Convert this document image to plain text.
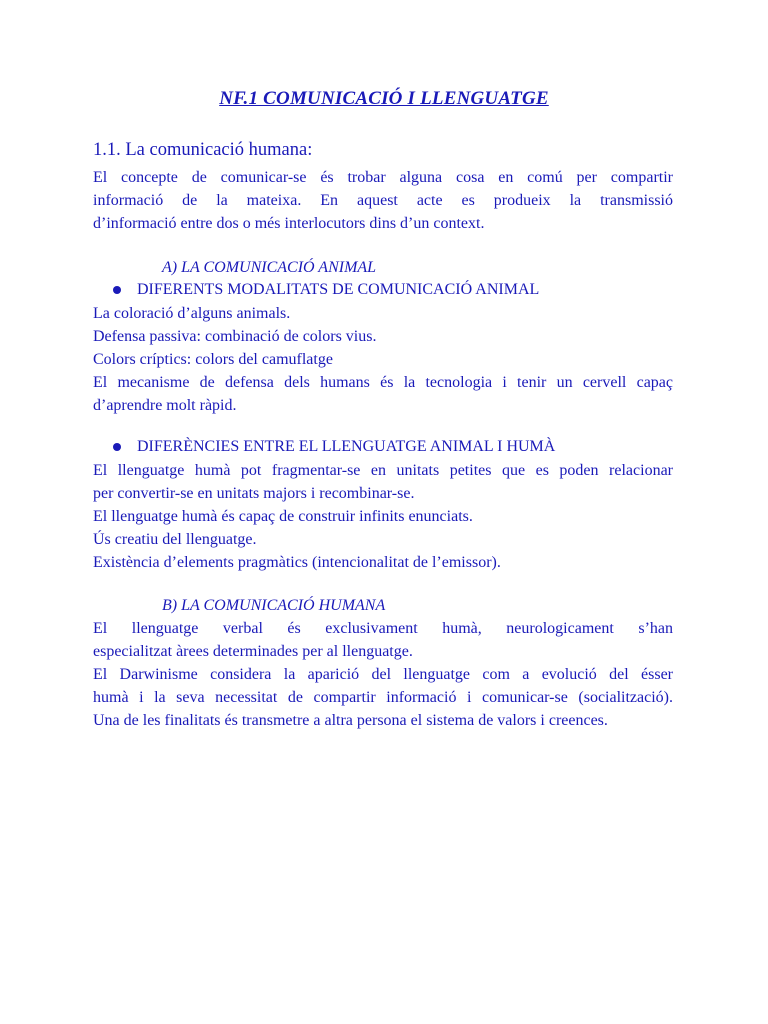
NF.1 COMUNICACIÓ I LLENGUATGE
1.1. La comunicació humana:
El concepte de comunicar-se és trobar alguna cosa en comú per compartir
informació de la mateixa. En aquest acte es produeix la transmissió
d’informació entre dos o més interlocutors dins d’un context.
A) LA COMUNICACIÓ ANIMAL
DIFERENTS MODALITATS DE COMUNICACIÓ ANIMAL
La coloració d’alguns animals.
Defensa passiva: combinació de colors vius.
Colors críptics: colors del camuflatge
El mecanisme de defensa dels humans és la tecnologia i tenir un cervell capaç
d’aprendre molt ràpid.
DIFERÈNCIES ENTRE EL LLENGUATGE ANIMAL I HUMÀ
El llenguatge humà pot fragmentar-se en unitats petites que es poden relacionar
per convertir-se en unitats majors i recombinar-se.
El llenguatge humà és capaç de construir infinits enunciats.
Ús creatiu del llenguatge.
Existència d’elements pragmàtics (intencionalitat de l’emissor).
B) LA COMUNICACIÓ HUMANA
El llenguatge verbal és exclusivament humà, neurologicament s’han
especialitzat àrees determinades per al llenguatge.
El Darwinisme considera la aparició del llenguatge com a evolució del ésser
humà i la seva necessitat de compartir informació i comunicar-se (socialització).
Una de les finalitats és transmetre a altra persona el sistema de valors i creences.
